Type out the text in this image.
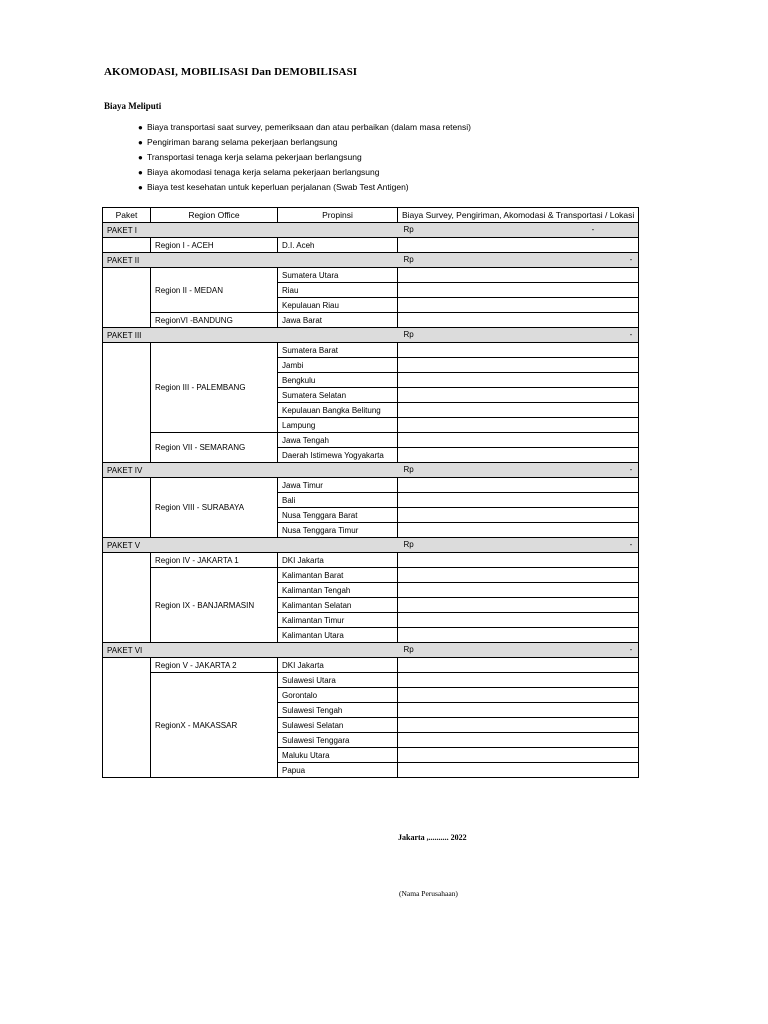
AKOMODASI, MOBILISASI Dan DEMOBILISASI
Biaya Meliputi
● Biaya transportasi saat survey, pemeriksaan dan atau perbaikan (dalam masa retensi)
● Pengiriman barang selama pekerjaan berlangsung
● Transportasi tenaga kerja selama pekerjaan berlangsung
● Biaya akomodasi tenaga kerja selama pekerjaan berlangsung
● Biaya test kesehatan untuk keperluan perjalanan (Swab Test Antigen)
Paket	Region Office	Propinsi	Biaya Survey, Pengiriman, Akomodasi & Transportasi / Lokasi
PAKET I			Rp -

	Region I - ACEH	D.I. Aceh	
PAKET II			Rp -

	Region II - MEDAN	Sumatera Utara	
		Riau	
		Kepulauan Riau	
	RegionVI -BANDUNG	Jawa Barat	
PAKET III			Rp -

	Region III - PALEMBANG	Sumatera Barat	
		Jambi	
		Bengkulu	
		Sumatera Selatan	
		Kepulauan Bangka Belitung	
		Lampung	
	Region VII - SEMARANG	Jawa Tengah	
		Daerah Istimewa Yogyakarta	
PAKET IV			Rp -

	Region VIII - SURABAYA	Jawa Timur	
		Bali	
		Nusa Tenggara Barat	
		Nusa Tenggara Timur	
PAKET V			Rp -

	Region IV - JAKARTA 1	DKI Jakarta	
	Region IX - BANJARMASIN	Kalimantan Barat	
		Kalimantan Tengah	
		Kalimantan Selatan	
		Kalimantan Timur	
		Kalimantan Utara	
PAKET VI			Rp -

	Region V - JAKARTA 2	DKI Jakarta	
	RegionX - MAKASSAR	Sulawesi Utara	
		Gorontalo	
		Sulawesi Tengah	
		Sulawesi Selatan	
		Sulawesi Tenggara	
		Maluku Utara	
		Papua	
Jakarta ,.......... 2022
(Nama Perusahaan)
